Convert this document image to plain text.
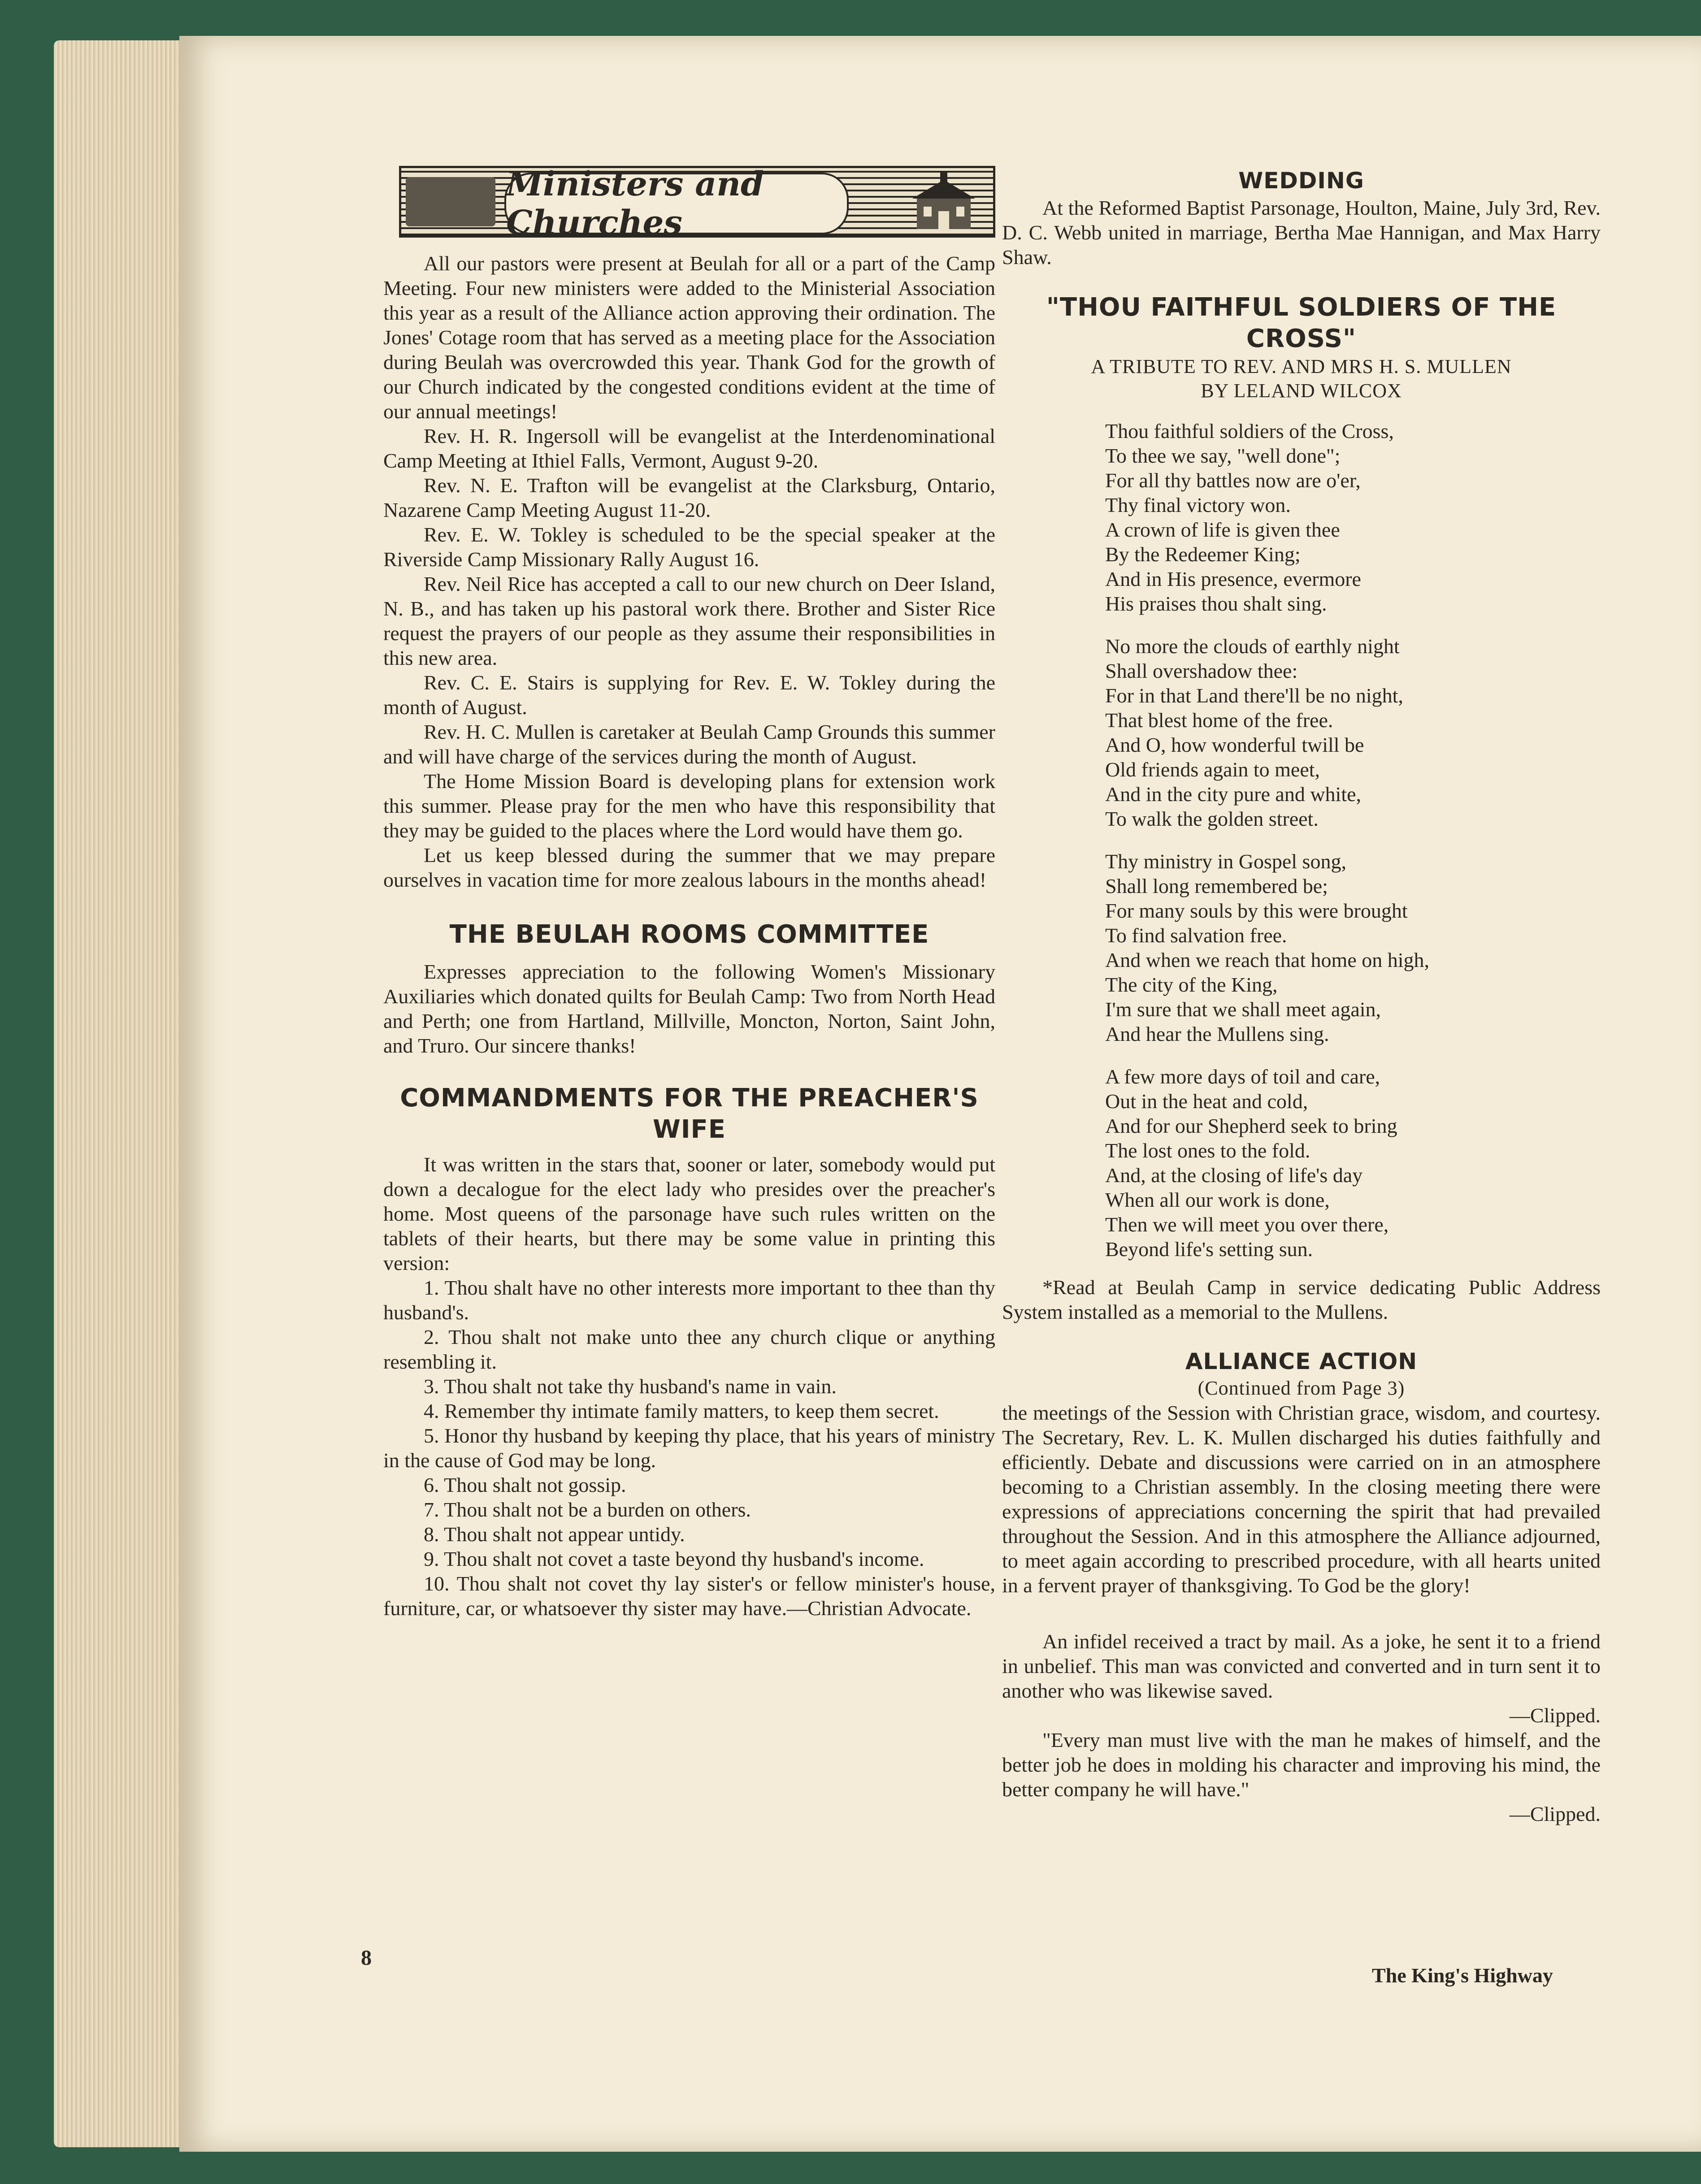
Ministers and Churches

All our pastors were present at Beulah for all or a part of the Camp Meeting. Four new ministers were added to the Ministerial Association this year as a result of the Alliance action approving their ordination. The Jones' Cotage room that has served as a meeting place for the Association during Beulah was overcrowded this year. Thank God for the growth of our Church indicated by the congested conditions evident at the time of our annual meetings!

Rev. H. R. Ingersoll will be evangelist at the Interdenominational Camp Meeting at Ithiel Falls, Vermont, August 9-20.

Rev. N. E. Trafton will be evangelist at the Clarksburg, Ontario, Nazarene Camp Meeting August 11-20.

Rev. E. W. Tokley is scheduled to be the special speaker at the Riverside Camp Missionary Rally August 16.

Rev. Neil Rice has accepted a call to our new church on Deer Island, N. B., and has taken up his pastoral work there. Brother and Sister Rice request the prayers of our people as they assume their responsibilities in this new area.

Rev. C. E. Stairs is supplying for Rev. E. W. Tokley during the month of August.

Rev. H. C. Mullen is caretaker at Beulah Camp Grounds this summer and will have charge of the services during the month of August.

The Home Mission Board is developing plans for extension work this summer. Please pray for the men who have this responsibility that they may be guided to the places where the Lord would have them go.

Let us keep blessed during the summer that we may prepare ourselves in vacation time for more zealous labours in the months ahead!

THE BEULAH ROOMS COMMITTEE

Expresses appreciation to the following Women's Missionary Auxiliaries which donated quilts for Beulah Camp: Two from North Head and Perth; one from Hartland, Millville, Moncton, Norton, Saint John, and Truro. Our sincere thanks!

COMMANDMENTS FOR THE PREACHER'S WIFE

It was written in the stars that, sooner or later, somebody would put down a decalogue for the elect lady who presides over the preacher's home. Most queens of the parsonage have such rules written on the tablets of their hearts, but there may be some value in printing this version:

1. Thou shalt have no other interests more important to thee than thy husband's.

2. Thou shalt not make unto thee any church clique or anything resembling it.

3. Thou shalt not take thy husband's name in vain.

4. Remember thy intimate family matters, to keep them secret.

5. Honor thy husband by keeping thy place, that his years of ministry in the cause of God may be long.

6. Thou shalt not gossip.

7. Thou shalt not be a burden on others.

8. Thou shalt not appear untidy.

9. Thou shalt not covet a taste beyond thy husband's income.

10. Thou shalt not covet thy lay sister's or fellow minister's house, furniture, car, or whatsoever thy sister may have.—Christian Advocate.

WEDDING

At the Reformed Baptist Parsonage, Houlton, Maine, July 3rd, Rev. D. C. Webb united in marriage, Bertha Mae Hannigan, and Max Harry Shaw.

"THOU FAITHFUL SOLDIERS OF THE CROSS"
A TRIBUTE TO REV. AND MRS H. S. MULLEN
BY LELAND WILCOX
Thou faithful soldiers of the Cross,
To thee we say, "well done";
For all thy battles now are o'er,
Thy final victory won.
A crown of life is given thee
By the Redeemer King;
And in His presence, evermore
His praises thou shalt sing.
No more the clouds of earthly night
Shall overshadow thee:
For in that Land there'll be no night,
That blest home of the free.
And O, how wonderful twill be
Old friends again to meet,
And in the city pure and white,
To walk the golden street.
Thy ministry in Gospel song,
Shall long remembered be;
For many souls by this were brought
To find salvation free.
And when we reach that home on high,
The city of the King,
I'm sure that we shall meet again,
And hear the Mullens sing.
A few more days of toil and care,
Out in the heat and cold,
And for our Shepherd seek to bring
The lost ones to the fold.
And, at the closing of life's day
When all our work is done,
Then we will meet you over there,
Beyond life's setting sun.

*Read at Beulah Camp in service dedicating Public Address System installed as a memorial to the Mullens.

ALLIANCE ACTION
(Continued from Page 3)

the meetings of the Session with Christian grace, wisdom, and courtesy. The Secretary, Rev. L. K. Mullen discharged his duties faithfully and efficiently. Debate and discussions were carried on in an atmosphere becoming to a Christian assembly. In the closing meeting there were expressions of appreciations concerning the spirit that had prevailed throughout the Session. And in this atmosphere the Alliance adjourned, to meet again according to prescribed procedure, with all hearts united in a fervent prayer of thanksgiving. To God be the glory!

An infidel received a tract by mail. As a joke, he sent it to a friend in unbelief. This man was convicted and converted and in turn sent it to another who was likewise saved.

—Clipped.

"Every man must live with the man he makes of himself, and the better job he does in molding his character and improving his mind, the better company he will have."

—Clipped.

8
The King's Highway
